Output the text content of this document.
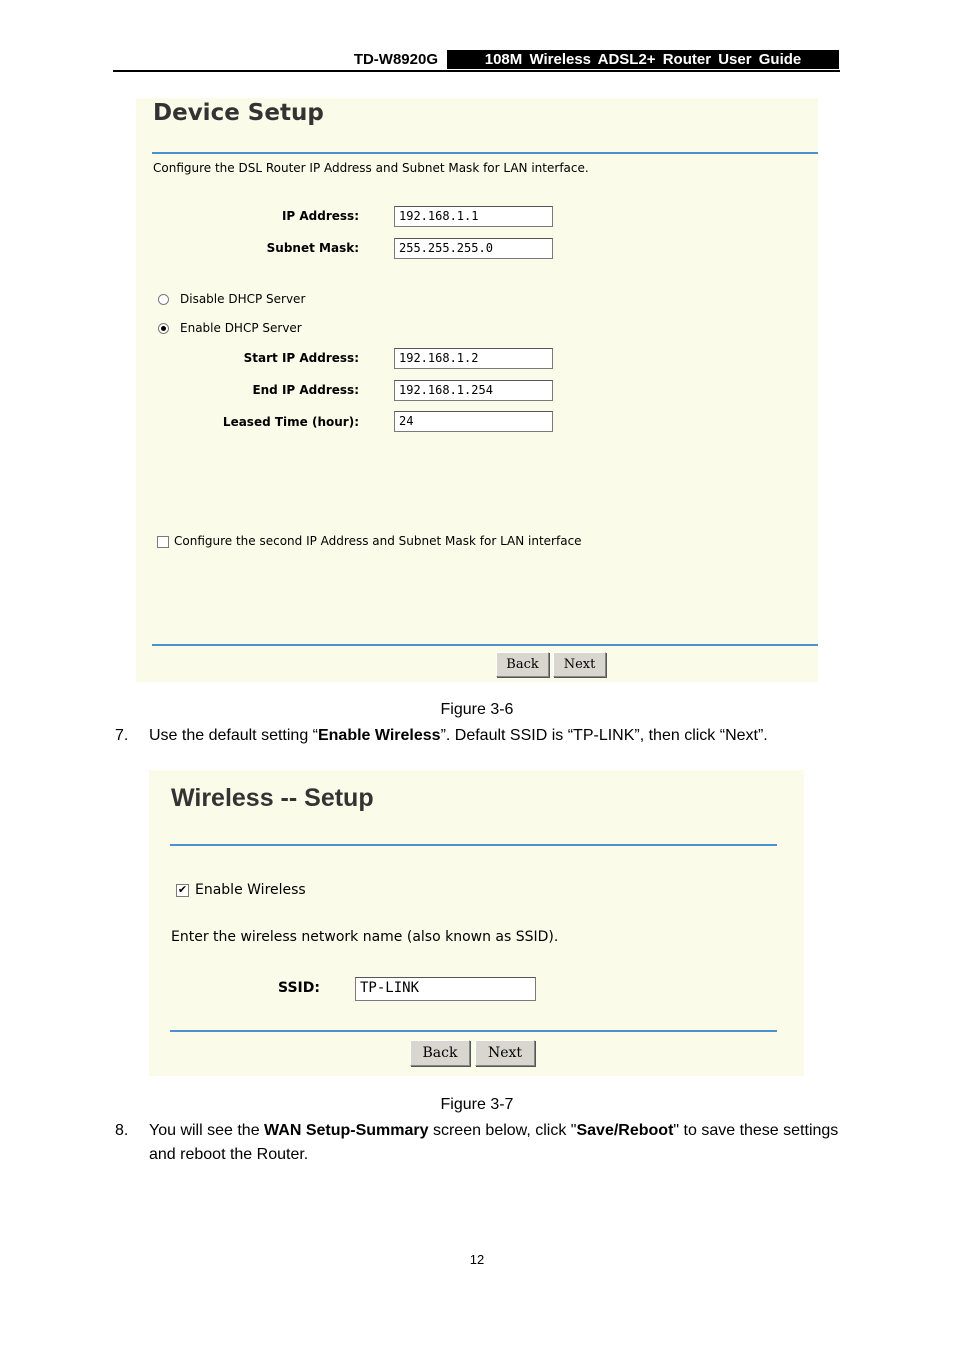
TD-W8920G	108M Wireless ADSL2+ Router User Guide
Device Setup
Configure the DSL Router IP Address and Subnet Mask for LAN interface.
IP Address:	192.168.1.1
Subnet Mask:	255.255.255.0
Disable DHCP Server
Enable DHCP Server
Start IP Address:	192.168.1.2
End IP Address:	192.168.1.254
Leased Time (hour):	24
Configure the second IP Address and Subnet Mask for LAN interface
Back	Next
Figure 3-6
7. Use the default setting “Enable Wireless”. Default SSID is “TP-LINK”, then click “Next”.
Wireless -- Setup
✔ Enable Wireless
Enter the wireless network name (also known as SSID).
SSID:	TP-LINK
Back	Next
Figure 3-7
8. You will see the WAN Setup-Summary screen below, click "Save/Reboot" to save these settings and reboot the Router.
12
